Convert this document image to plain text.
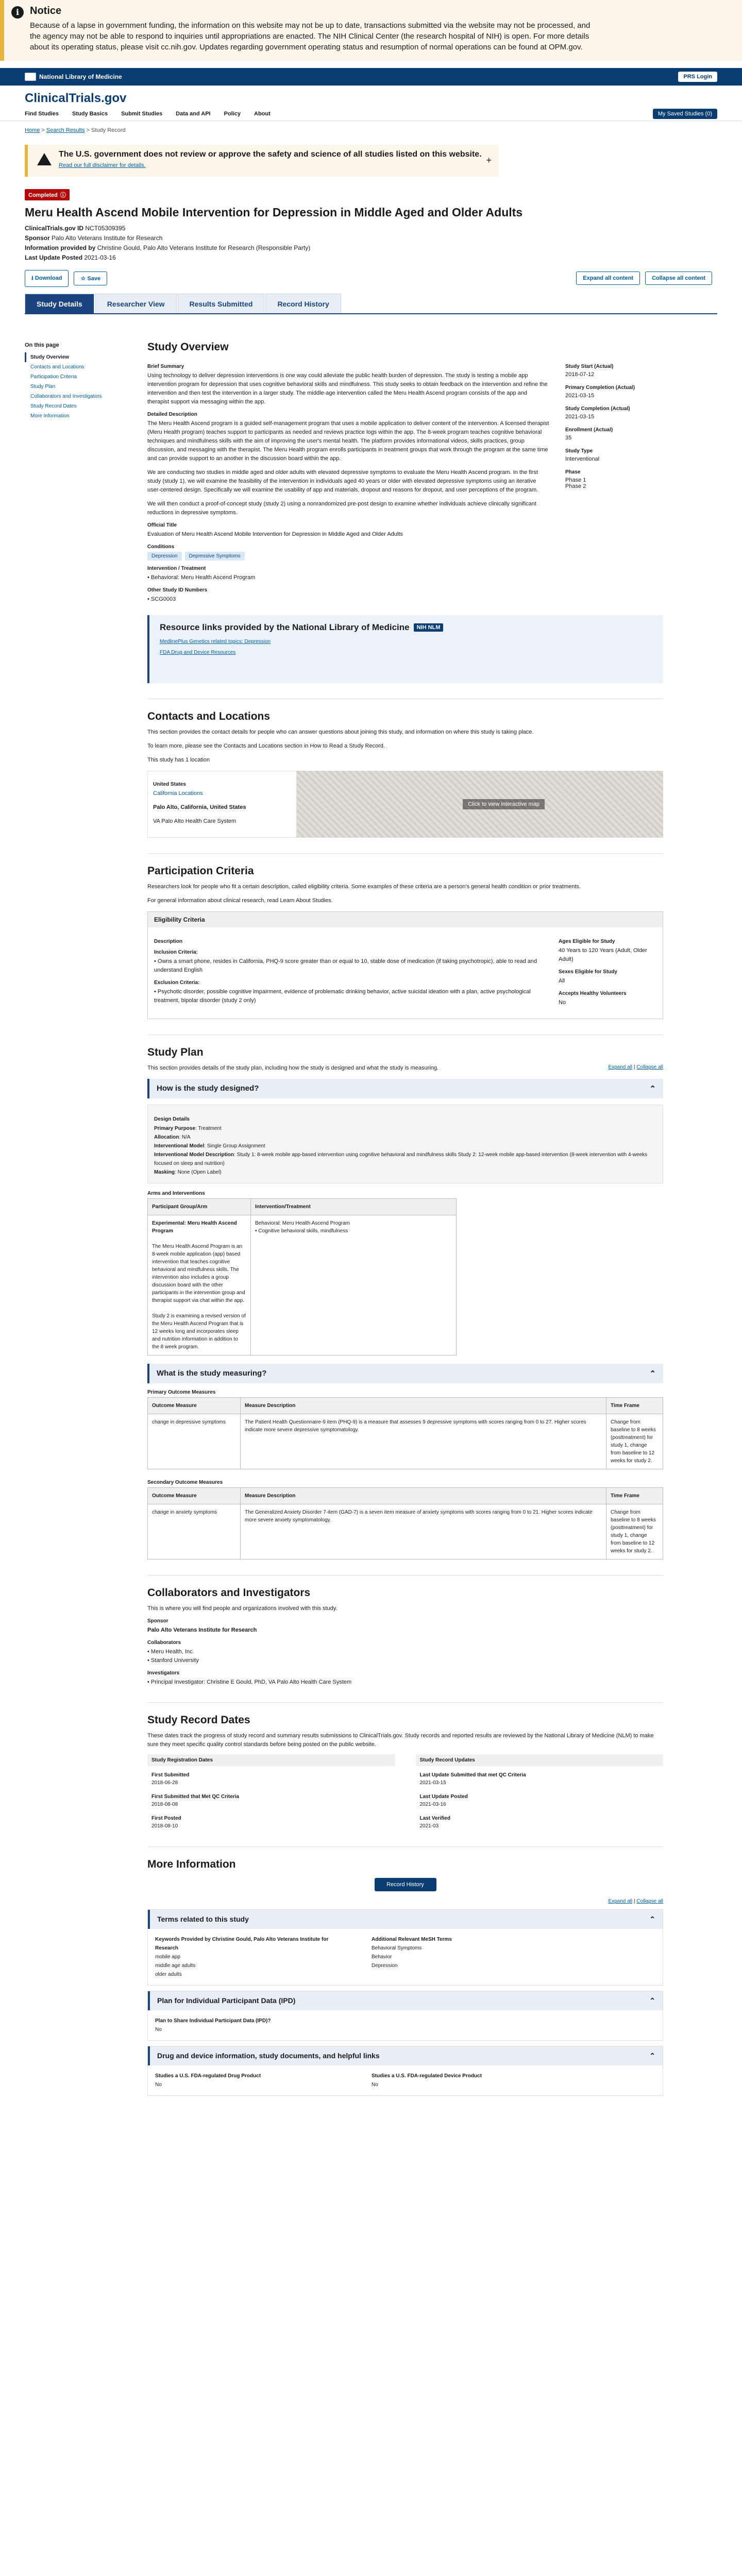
i	Notice

Because of a lapse in government funding, the information on this website may not be up to date, transactions submitted via the website may not be processed, and the agency may not be able to respond to inquiries until appropriations are enacted. The NIH Clinical Center (the research hospital of NIH) is open. For more details about its operating status, please visit cc.nih.gov. Updates regarding government operating status and resumption of normal operations can be found at OPM.gov.

National Library of Medicine	PRS Login
ClinicalTrials.gov
Find Studies Study Basics Submit Studies Data and API Policy About	My Saved Studies (0)
Home > Search Results > Study Record
The U.S. government does not review or approve the safety and science of all studies listed on this website.

Read our full disclaimer for details.	+
Completed ⓘ
Meru Health Ascend Mobile Intervention for Depression in Middle Aged and Older Adults
ClinicalTrials.gov ID NCT05309395
Sponsor Palo Alto Veterans Institute for Research
Information provided by Christine Gould, Palo Alto Veterans Institute for Research (Responsible Party)
Last Update Posted 2021-03-16
⭳ Download	☆ Save	Expand all content	Collapse all content
Study Details	Researcher View	Results Submitted	Record History
On this page
Study Overview
Contacts and Locations
Participation Criteria
Study Plan
Collaborators and Investigators
Study Record Dates
More Information
Study Overview
Brief Summary
Using technology to deliver depression interventions is one way could alleviate the public health burden of depression. The study is testing a mobile app intervention program for depression that uses cognitive behavioral skills and mindfulness. This study seeks to obtain feedback on the intervention and refine the intervention and then test the intervention in a larger study. The middle-age intervention called the Meru Health Ascend program consists of the app and therapist support via messaging within the app.
Detailed Description
The Meru Health Ascend program is a guided self-management program that uses a mobile application to deliver content of the intervention. A licensed therapist (Meru Health program) teaches support to participants as needed and reviews practice logs within the app. The 8-week program teaches cognitive behavioral techniques and mindfulness skills with the aim of improving the user's mental health. The platform provides informational videos, skills practices, group discussion, and messaging with the therapist. The Meru Health program enrolls participants in treatment groups that work through the program at the same time and can provide support to an another in the discussion board within the app.
We are conducting two studies in middle aged and older adults with elevated depressive symptoms to evaluate the Meru Health Ascend program. In the first study (study 1), we will examine the feasibility of the intervention in individuals aged 40 years or older with elevated depressive symptoms using an iterative user-centered design. Specifically we will examine the usability of app and materials, dropout and reasons for dropout, and user perceptions of the program.
We will then conduct a proof-of-concept study (study 2) using a nonrandomized pre-post design to examine whether individuals achieve clinically significant reductions in depressive symptoms.
Official Title
Evaluation of Meru Health Ascend Mobile Intervention for Depression in Middle Aged and Older Adults
Conditions
Depression	Depressive Symptoms
Intervention / Treatment
• Behavioral: Meru Health Ascend Program
Other Study ID Numbers
• SCG0003
Study Start (Actual)
2018-07-12
Primary Completion (Actual)
2021-03-15
Study Completion (Actual)
2021-03-15
Enrollment (Actual)
35
Study Type
Interventional
Phase
Phase 1
Phase 2
Resource links provided by the National Library of Medicine	NIH NLM
MedlinePlus Genetics related topics: Depression
FDA Drug and Device Resources
Contacts and Locations
This section provides the contact details for people who can answer questions about joining this study, and information on where this study is taking place.
To learn more, please see the Contacts and Locations section in How to Read a Study Record.
This study has 1 location
United States
California Locations
Palo Alto, California, United States
VA Palo Alto Health Care System
Click to view interactive map
Participation Criteria
Researchers look for people who fit a certain description, called eligibility criteria. Some examples of these criteria are a person's general health condition or prior treatments.
For general information about clinical research, read Learn About Studies.
Eligibility Criteria
Description
Inclusion Criteria:
• Owns a smart phone, resides in California, PHQ-9 score greater than or equal to 10, stable dose of medication (if taking psychotropic), able to read and understand English
Exclusion Criteria:
• Psychotic disorder, possible cognitive impairment, evidence of problematic drinking behavior, active suicidal ideation with a plan, active psychological treatment, bipolar disorder (study 2 only)
Ages Eligible for Study
40 Years to 120 Years (Adult, Older Adult)
Sexes Eligible for Study
All
Accepts Healthy Volunteers
No
Study Plan
This section provides details of the study plan, including how the study is designed and what the study is measuring.	Expand all | Collapse all
How is the study designed?	⌃
Design Details
Primary Purpose: Treatment
Allocation: N/A
Interventional Model: Single Group Assignment
Interventional Model Description: Study 1: 8-week mobile app-based intervention using cognitive behavioral and mindfulness skills Study 2: 12-week mobile app-based intervention (8-week intervention with 4-weeks focused on sleep and nutrition)
Masking: None (Open Label)
Arms and Interventions
Participant Group/Arm	Intervention/Treatment
Experimental: Meru Health Ascend Program

The Meru Health Ascend Program is an 8-week mobile application (app) based intervention that teaches cognitive behavioral and mindfulness skills. The intervention also includes a group discussion board with the other participants in the intervention group and therapist support via chat within the app.

Study 2 is examining a revised version of the Meru Health Ascend Program that is 12 weeks long and incorporates sleep and nutrition information in addition to the 8 week program.	Behavioral: Meru Health Ascend Program
• Cognitive behavioral skills, mindfulness
What is the study measuring?	⌃
Primary Outcome Measures
Outcome Measure	Measure Description	Time Frame
change in depressive symptoms	The Patient Health Questionnaire-9 item (PHQ-9) is a measure that assesses 9 depressive symptoms with scores ranging from 0 to 27. Higher scores indicate more severe depressive symptomatology.	Change from baseline to 8 weeks (posttreatment) for study 1, change from baseline to 12 weeks for study 2.
Secondary Outcome Measures
Outcome Measure	Measure Description	Time Frame
change in anxiety symptoms	The Generalized Anxiety Disorder 7-item (GAD-7) is a seven item measure of anxiety symptoms with scores ranging from 0 to 21. Higher scores indicate more severe anxiety symptomatology.	Change from baseline to 8 weeks (posttreatment) for study 1, change from baseline to 12 weeks for study 2.
Collaborators and Investigators
This is where you will find people and organizations involved with this study.
Sponsor
Palo Alto Veterans Institute for Research
Collaborators
• Meru Health, Inc.
• Stanford University
Investigators
• Principal Investigator: Christine E Gould, PhD, VA Palo Alto Health Care System
Study Record Dates
These dates track the progress of study record and summary results submissions to ClinicalTrials.gov. Study records and reported results are reviewed by the National Library of Medicine (NLM) to make sure they meet specific quality control standards before being posted on the public website.
Study Registration Dates	Study Record Updates
First Submitted
2018-06-28
Last Update Submitted that met QC Criteria
2021-03-15
First Submitted that Met QC Criteria
2018-08-08
Last Update Posted
2021-03-16
First Posted
2018-08-10
Last Verified
2021-03
More Information
Record History
Expand all | Collapse all
Terms related to this study	⌃
Keywords Provided by Christine Gould, Palo Alto Veterans Institute for Research
mobile app
middle age adults
older adults
Additional Relevant MeSH Terms
Behavioral Symptoms
Behavior
Depression
Plan for Individual Participant Data (IPD)	⌃
Plan to Share Individual Participant Data (IPD)?
No
Drug and device information, study documents, and helpful links	⌃
Studies a U.S. FDA-regulated Drug Product
No
Studies a U.S. FDA-regulated Device Product
No
